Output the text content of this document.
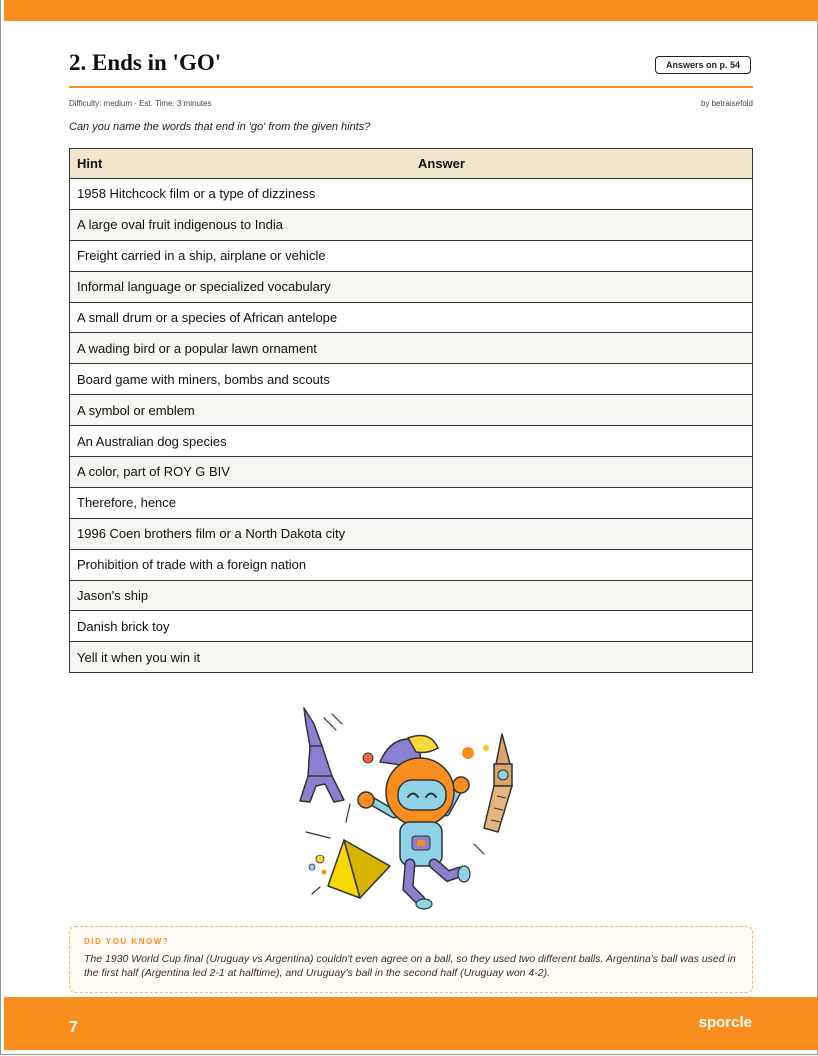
2. Ends in 'GO'	Answers on p. 54
Difficulty: medium · Est. Time: 3 minutes	by betraisefold
Can you name the words that end in 'go' from the given hints?
Hint	Answer
1958 Hitchcock film or a type of dizziness	
A large oval fruit indigenous to India	
Freight carried in a ship, airplane or vehicle	
Informal language or specialized vocabulary	
A small drum or a species of African antelope	
A wading bird or a popular lawn ornament	
Board game with miners, bombs and scouts	
A symbol or emblem	
An Australian dog species	
A color, part of ROY G BIV	
Therefore, hence	
1996 Coen brothers film or a North Dakota city	
Prohibition of trade with a foreign nation	
Jason's ship	
Danish brick toy	
Yell it when you win it	
DID YOU KNOW?
The 1930 World Cup final (Uruguay vs Argentina) couldn't even agree on a ball, so they used two different balls. Argentina's ball was used in the first half (Argentina led 2-1 at halftime), and Uruguay's ball in the second half (Uruguay won 4-2).
7	sporcle
